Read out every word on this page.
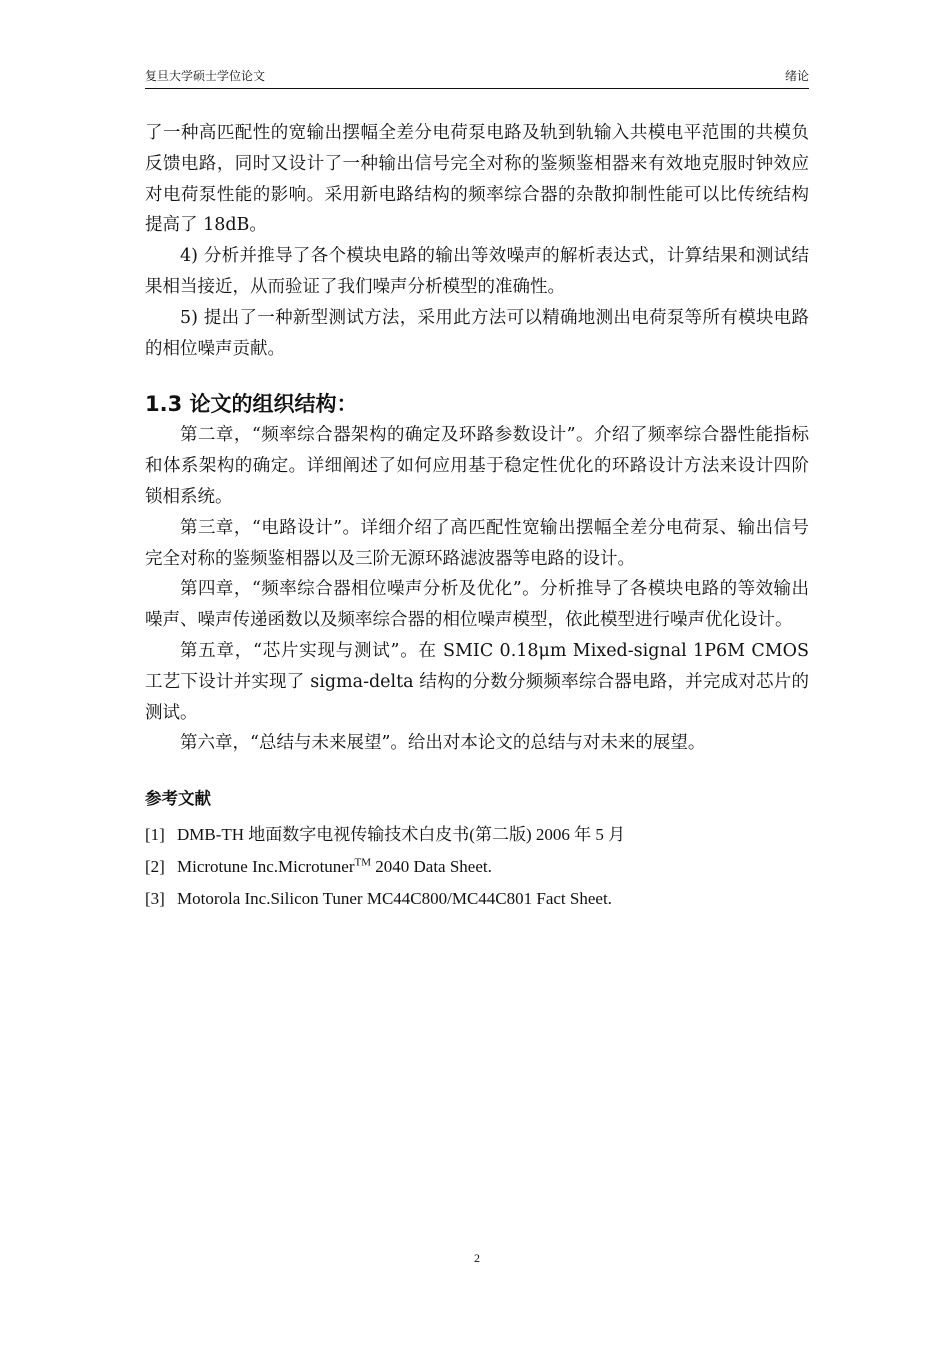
复旦大学硕士学位论文	绪论

了一种高匹配性的宽输出摆幅全差分电荷泵电路及轨到轨输入共模电平范围的共模负反馈电路，同时又设计了一种输出信号完全对称的鉴频鉴相器来有效地克服时钟效应对电荷泵性能的影响。采用新电路结构的频率综合器的杂散抑制性能可以比传统结构提高了 18dB。

4) 分析并推导了各个模块电路的输出等效噪声的解析表达式，计算结果和测试结果相当接近，从而验证了我们噪声分析模型的准确性。

5) 提出了一种新型测试方法，采用此方法可以精确地测出电荷泵等所有模块电路的相位噪声贡献。

1.3 论文的组织结构：

第二章，“频率综合器架构的确定及环路参数设计”。介绍了频率综合器性能指标和体系架构的确定。详细阐述了如何应用基于稳定性优化的环路设计方法来设计四阶锁相系统。

第三章，“电路设计”。详细介绍了高匹配性宽输出摆幅全差分电荷泵、输出信号完全对称的鉴频鉴相器以及三阶无源环路滤波器等电路的设计。

第四章，“频率综合器相位噪声分析及优化”。分析推导了各模块电路的等效输出噪声、噪声传递函数以及频率综合器的相位噪声模型，依此模型进行噪声优化设计。

第五章，“芯片实现与测试”。在 SMIC 0.18μm Mixed-signal 1P6M CMOS 工艺下设计并实现了 sigma-delta 结构的分数分频频率综合器电路，并完成对芯片的测试。

第六章，“总结与未来展望”。给出对本论文的总结与对未来的展望。

参考文献
[1] DMB-TH 地面数字电视传输技术白皮书(第二版) 2006 年 5 月
[2] Microtune Inc.Microtuner™ 2040 Data Sheet.
[3] Motorola Inc.Silicon Tuner MC44C800/MC44C801 Fact Sheet.
2
